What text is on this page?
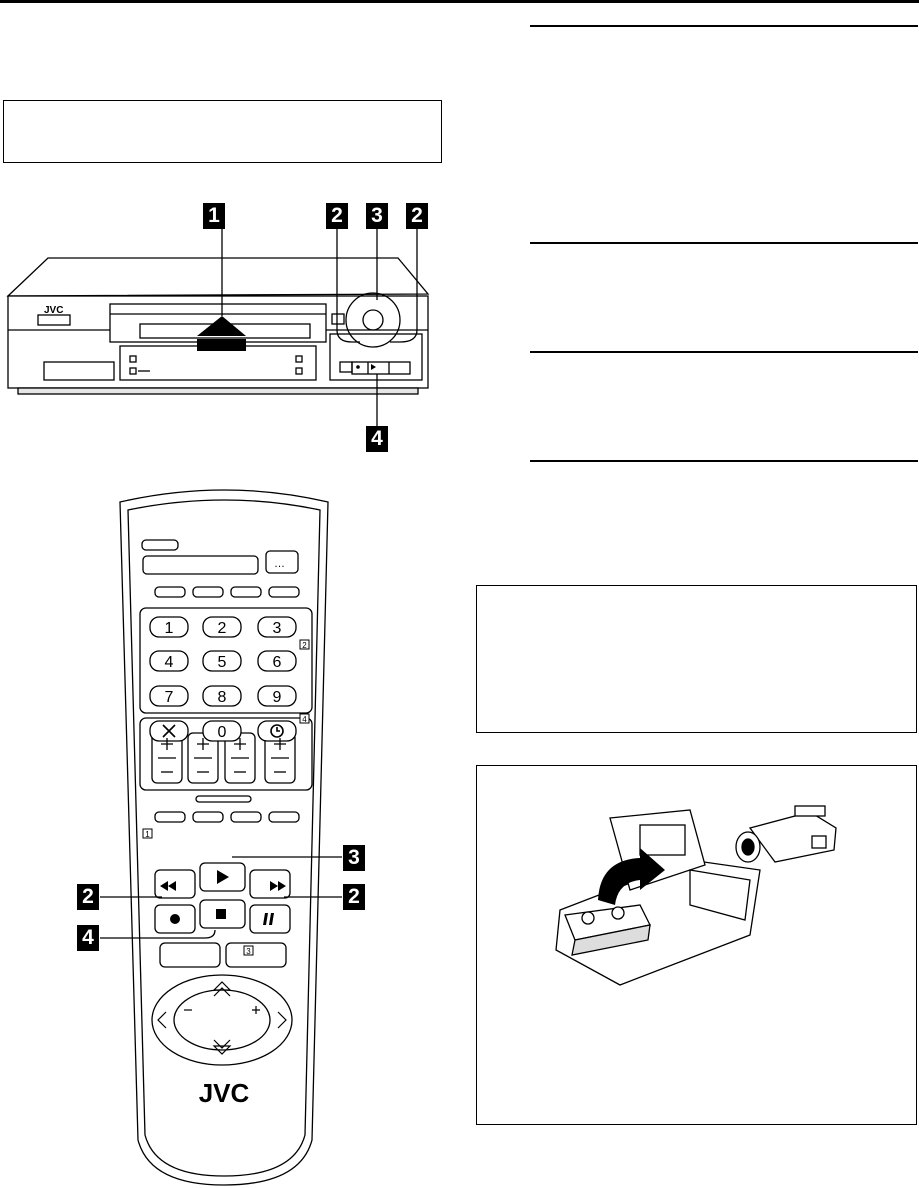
1	2 3 2
4
JVC
…
1	2	3
4	5	6
7	8	9
0
2
4
1
3
JVC
3
2	2
4
